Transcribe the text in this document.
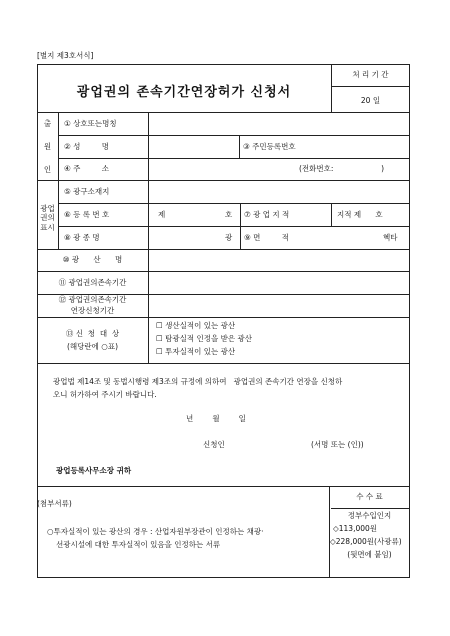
[별지 제3호서식]
광업권의 존속기간연장허가 신청서
처 리 기 간
20 일
출
원
인
① 상호또는명칭
② 성         명	③ 주민등록번호
④ 주         소	(전화번호:                    )
광업
권의
표시
⑤ 광구소재지
⑥ 등 록 번 호	제	호 ⑦ 광 업 지 적	지적 제      호
⑧ 광 종 명	광 ⑨ 면         적	헥타
⑩ 광      산      명
⑪ 광업권의존속기간
⑫ 광업권의존속기간
연장신청기간
⑬ 신  청  대  상
(해당란에 ○표)
☐ 생산실적이 있는 광산
☐ 탐광실적 인정을 받은 광산
☐ 투자실적이 있는 광산
광업법 제14조 및 동법시행령 제3조의 규정에 의하여   광업권의 존속기간 연장을 신청하
오니 허가하여 주시기 바랍니다.
년        월        일
신청인	(서명 또는 (인))
광업등록사무소장 귀하
(첨부서류)
○투자실적이 있는 광산의 경우 : 산업자원부장관이 인정하는 채광·
선광시설에 대한 투자실적이 있음을 인정하는 서류
수 수 료
정부수입인지
◇113,000원
◇228,000원(사광류)
(뒷면에 붙임)
